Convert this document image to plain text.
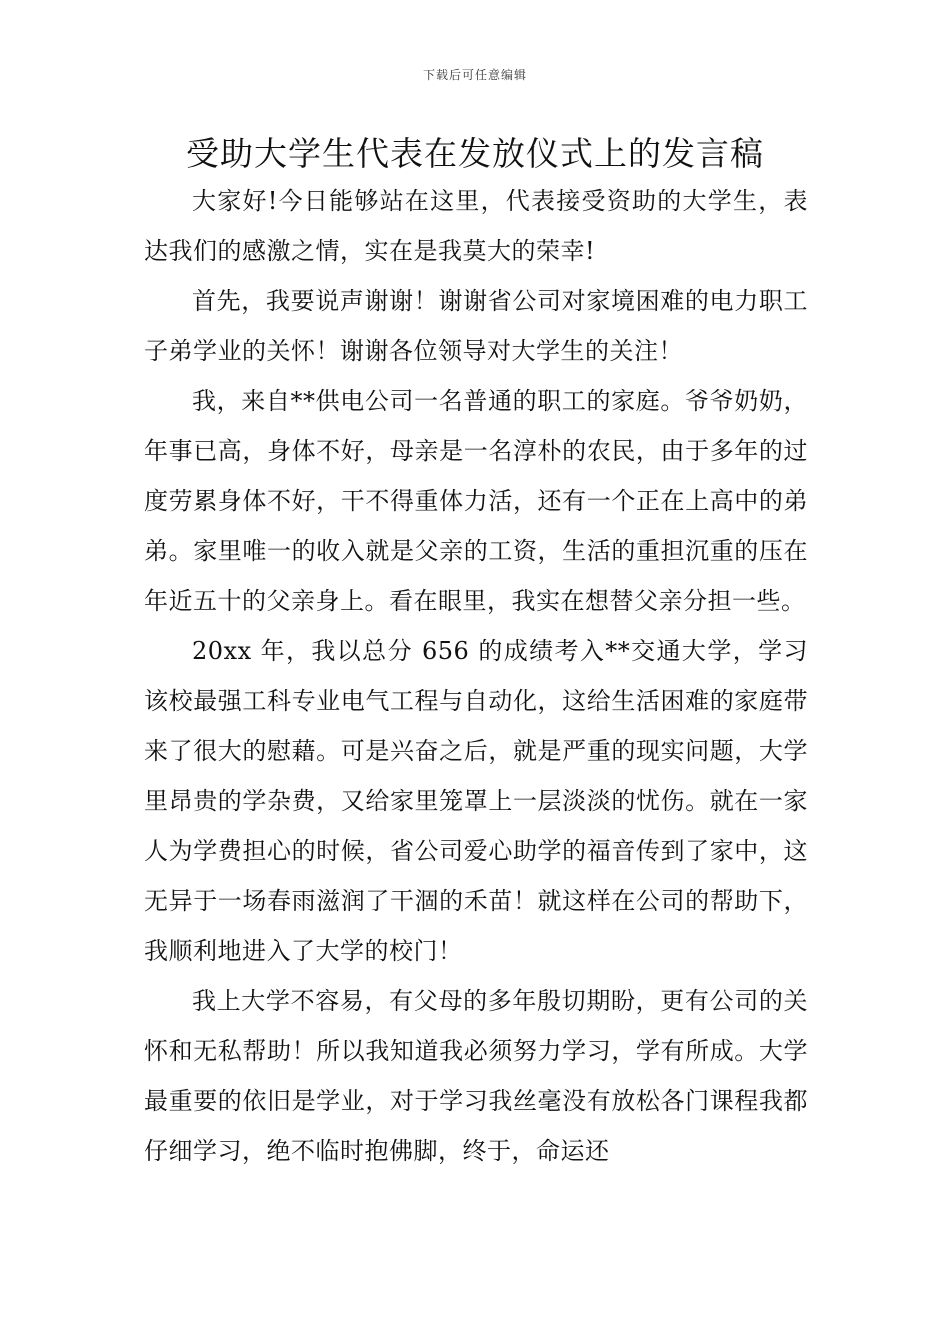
下载后可任意编辑
受助大学生代表在发放仪式上的发言稿

大家好!今日能够站在这里，代表接受资助的大学生，表达我们的感激之情，实在是我莫大的荣幸!

首先，我要说声谢谢！谢谢省公司对家境困难的电力职工子弟学业的关怀！谢谢各位领导对大学生的关注！

我，来自**供电公司一名普通的职工的家庭。爷爷奶奶，年事已高，身体不好，母亲是一名淳朴的农民，由于多年的过度劳累身体不好，干不得重体力活，还有一个正在上高中的弟弟。家里唯一的收入就是父亲的工资，生活的重担沉重的压在年近五十的父亲身上。看在眼里，我实在想替父亲分担一些。

20xx 年，我以总分 656 的成绩考入**交通大学，学习该校最强工科专业电气工程与自动化，这给生活困难的家庭带来了很大的慰藉。可是兴奋之后，就是严重的现实问题，大学里昂贵的学杂费，又给家里笼罩上一层淡淡的忧伤。就在一家人为学费担心的时候，省公司爱心助学的福音传到了家中，这无异于一场春雨滋润了干涸的禾苗！就这样在公司的帮助下，我顺利地进入了大学的校门！

我上大学不容易，有父母的多年殷切期盼，更有公司的关怀和无私帮助！所以我知道我必须努力学习，学有所成。大学最重要的依旧是学业，对于学习我丝毫没有放松各门课程我都仔细学习，绝不临时抱佛脚，终于，命运还
